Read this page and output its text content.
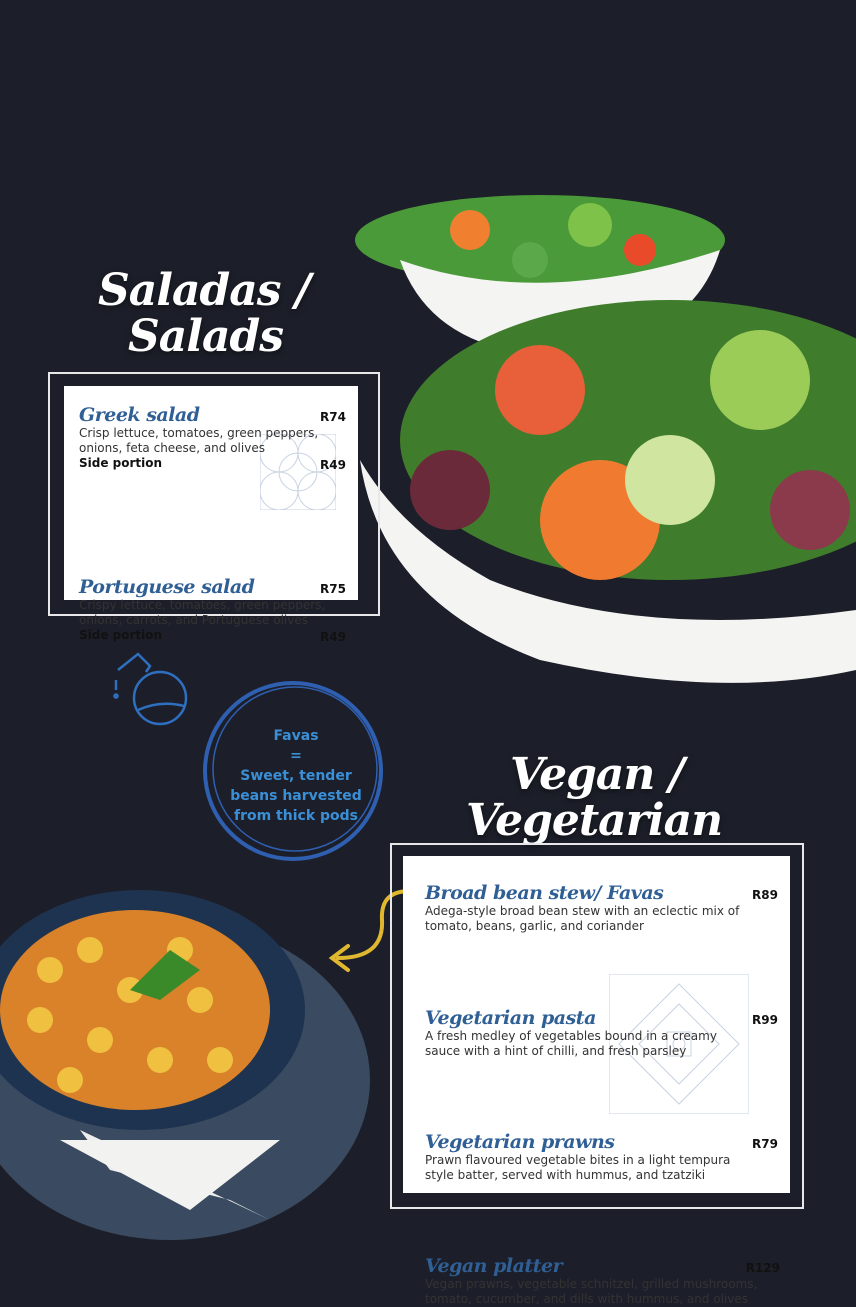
Saladas /
Salads
Greek salad	R74
Crisp lettuce, tomatoes, green peppers, onions, feta cheese, and olives
Side portion	R49
Portuguese salad	R75
Crispy lettuce, tomatoes, green peppers, onions, carrots, and Portuguese olives
Side portion	R49
Favas
=
Sweet, tender beans harvested from thick pods
Vegan /
Vegetarian
Broad bean stew/ Favas	R89
Adega-style broad bean stew with an eclectic mix of tomato, beans, garlic, and coriander
Vegetarian pasta	R99
A fresh medley of vegetables bound in a creamy sauce with a hint of chilli, and fresh parsley
Vegetarian prawns	R79
Prawn flavoured vegetable bites in a light tempura style batter, served with hummus, and tzatziki
Vegan platter	R129
Vegan prawns, vegetable schnitzel, grilled mushrooms, tomato, cucumber, and dills with hummus, and olives
